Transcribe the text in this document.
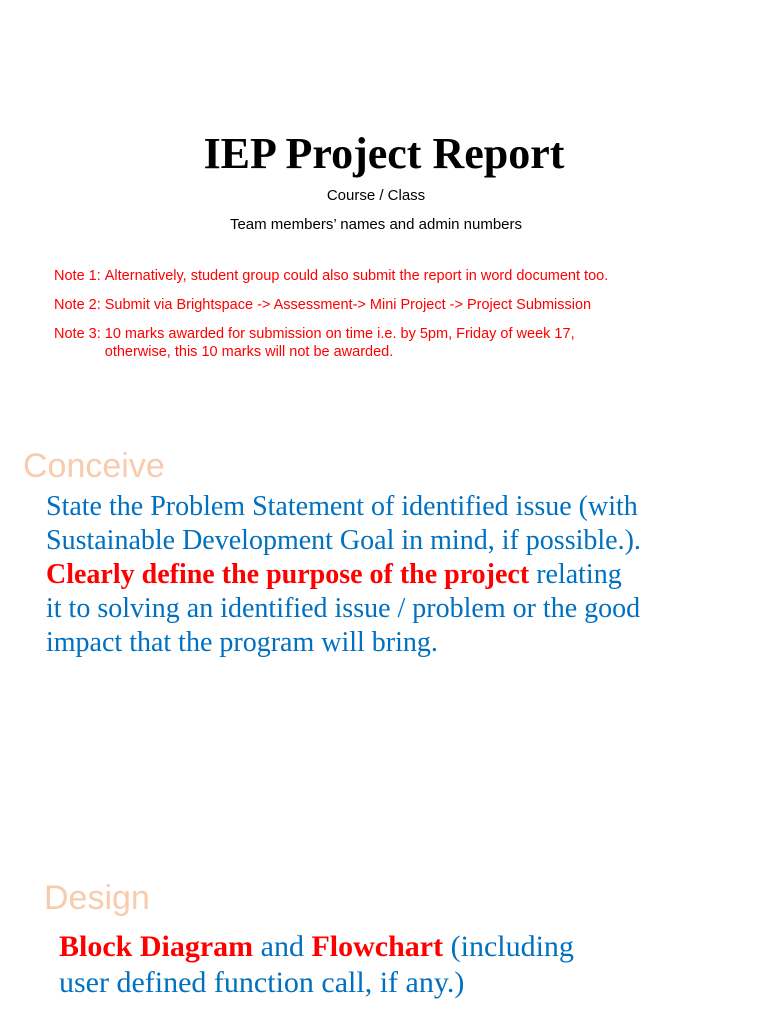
IEP Project Report
Course / Class
Team members’ names and admin numbers
Note 1: Alternatively, student group could also submit the report in word document too.
Note 2: Submit via Brightspace -> Assessment-> Mini Project -> Project Submission
Note 3: 10 marks awarded for submission on time i.e. by 5pm, Friday of week 17,
otherwise, this 10 marks will not be awarded.
Conceive
State the Problem Statement of identified issue (with
Sustainable Development Goal in mind, if possible.).
Clearly define the purpose of the project relating
it to solving an identified issue / problem or the good
impact that the program will bring.
Design
Block Diagram and Flowchart (including
user defined function call, if any.)
